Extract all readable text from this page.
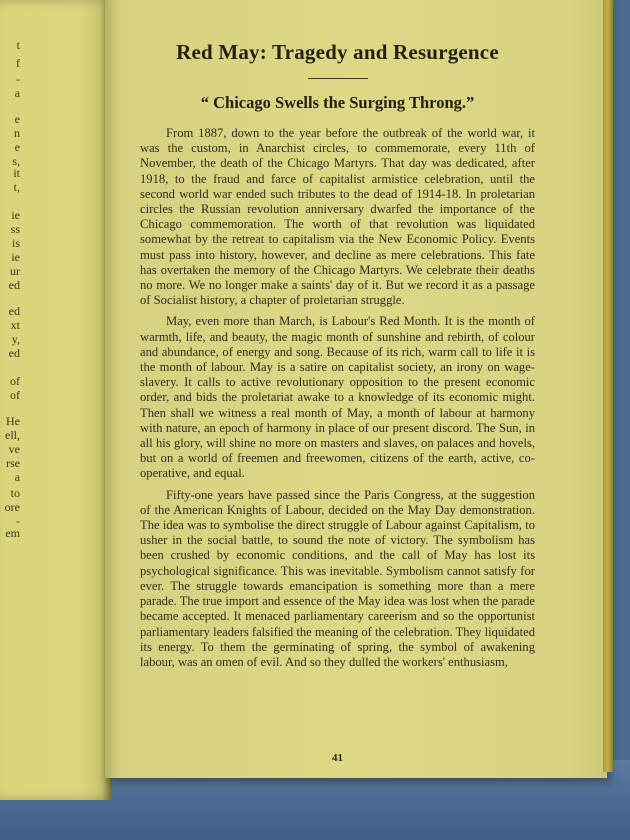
t
f
-
a
e
n
e
s,
it
t,
ie
ss
is
ie
ur
ed
ed
xt
y,
ed
of
of
He
ell,
ve
rse
a
to
ore
-
em
Red May: Tragedy and Resurgence
“ Chicago Swells the Surging Throng.”

From 1887, down to the year before the outbreak of the world war, it was the custom, in Anarchist circles, to commemorate, every 11th of November, the death of the Chicago Martyrs. That day was dedicated, after 1918, to the fraud and farce of capitalist armistice celebration, until the second world war ended such tributes to the dead of 1914-18. In proletarian circles the Russian revolution anniversary dwarfed the importance of the Chicago commemoration. The worth of that revolution was liquidated somewhat by the retreat to capitalism via the New Economic Policy. Events must pass into history, however, and decline as mere celebrations. This fate has overtaken the memory of the Chicago Martyrs. We celebrate their deaths no more. We no longer make a saints' day of it. But we record it as a passage of Socialist history, a chapter of proletarian struggle.

May, even more than March, is Labour's Red Month. It is the month of warmth, life, and beauty, the magic month of sunshine and rebirth, of colour and abundance, of energy and song. Because of its rich, warm call to life it is the month of labour. May is a satire on capitalist society, an irony on wage-slavery. It calls to active revolutionary opposition to the present economic order, and bids the proletariat awake to a knowledge of its economic might. Then shall we witness a real month of May, a month of labour at harmony with nature, an epoch of harmony in place of our present discord. The Sun, in all his glory, will shine no more on masters and slaves, on palaces and hovels, but on a world of freemen and freewomen, citizens of the earth, active, co-operative, and equal.

Fifty-one years have passed since the Paris Congress, at the suggestion of the American Knights of Labour, decided on the May Day demonstration. The idea was to symbolise the direct struggle of Labour against Capitalism, to usher in the social battle, to sound the note of victory. The symbolism has been crushed by economic conditions, and the call of May has lost its psychological significance. This was inevitable. Symbolism cannot satisfy for ever. The struggle towards emancipation is something more than a mere parade. The true import and essence of the May idea was lost when the parade became accepted. It menaced parliamentary careerism and so the opportunist parliamentary leaders falsified the meaning of the celebration. They liquidated its energy. To them the germinating of spring, the symbol of awakening labour, was an omen of evil. And so they dulled the workers' enthusiasm,

41
